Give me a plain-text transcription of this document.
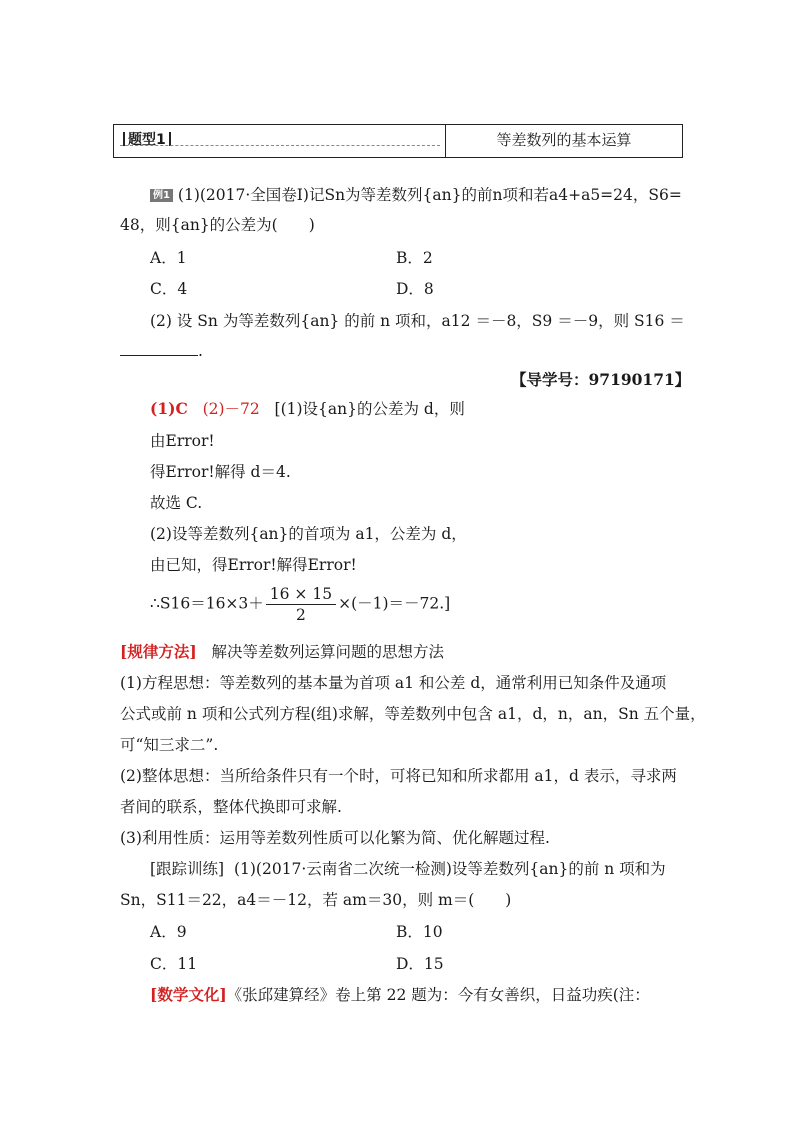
题型1	等差数列的基本运算
例1 (1)(2017·全国卷Ⅰ)记Sn为等差数列{an}的前n项和若a4+a5=24，S6=
48，则{an}的公差为(　　)
A．1	B．2
C．4	D．8
(2) 设 Sn 为等差数列{an} 的前 n 项和，a12 ＝－8，S9 ＝－9，则 S16 ＝
.
【导学号：97190171】
(1)C (2)－72 [(1)设{an}的公差为 d，则
由Error!
得Error!解得 d＝4.
故选 C.
(2)设等差数列{an}的首项为 a1，公差为 d，
由已知，得Error!解得Error!
∴S16＝16×3＋ $\frac{16 \times 15}{2} \times(-1)=-72$.]
[规律方法] 解决等差数列运算问题的思想方法
(1)方程思想：等差数列的基本量为首项 a1 和公差 d，通常利用已知条件及通项
公式或前 n 项和公式列方程(组)求解，等差数列中包含 a1，d，n，an，Sn 五个量，
可“知三求二”.
(2)整体思想：当所给条件只有一个时，可将已知和所求都用 a1，d 表示，寻求两
者间的联系，整体代换即可求解.
(3)利用性质：运用等差数列性质可以化繁为简、优化解题过程.
[跟踪训练] (1)(2017·云南省二次统一检测)设等差数列{an}的前 n 项和为
Sn，S11＝22，a4＝－12，若 am＝30，则 m＝(　　)
A．9	B．10
C．11	D．15
[数学文化]《张邱建算经》卷上第 22 题为：今有女善织，日益功疾(注：
